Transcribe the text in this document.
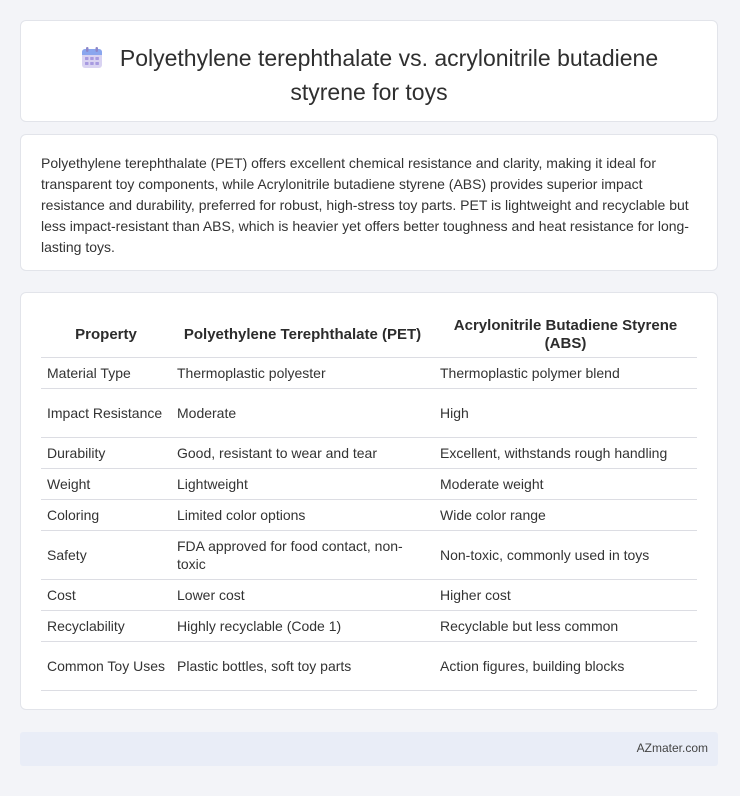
Polyethylene terephthalate vs. acrylonitrile butadiene
styrene for toys
Polyethylene terephthalate (PET) offers excellent chemical resistance and clarity, making it ideal for transparent toy components, while Acrylonitrile butadiene styrene (ABS) provides superior impact resistance and durability, preferred for robust, high-stress toy parts. PET is lightweight and recyclable but less impact-resistant than ABS, which is heavier yet offers better toughness and heat resistance for long-lasting toys.
Property	Polyethylene Terephthalate (PET)	Acrylonitrile Butadiene Styrene (ABS)
Material Type	Thermoplastic polyester	Thermoplastic polymer blend
Impact Resistance	Moderate	High
Durability	Good, resistant to wear and tear	Excellent, withstands rough handling
Weight	Lightweight	Moderate weight
Coloring	Limited color options	Wide color range
Safety	FDA approved for food contact, non-toxic	Non-toxic, commonly used in toys
Cost	Lower cost	Higher cost
Recyclability	Highly recyclable (Code 1)	Recyclable but less common
Common Toy Uses	Plastic bottles, soft toy parts	Action figures, building blocks
AZmater.com
